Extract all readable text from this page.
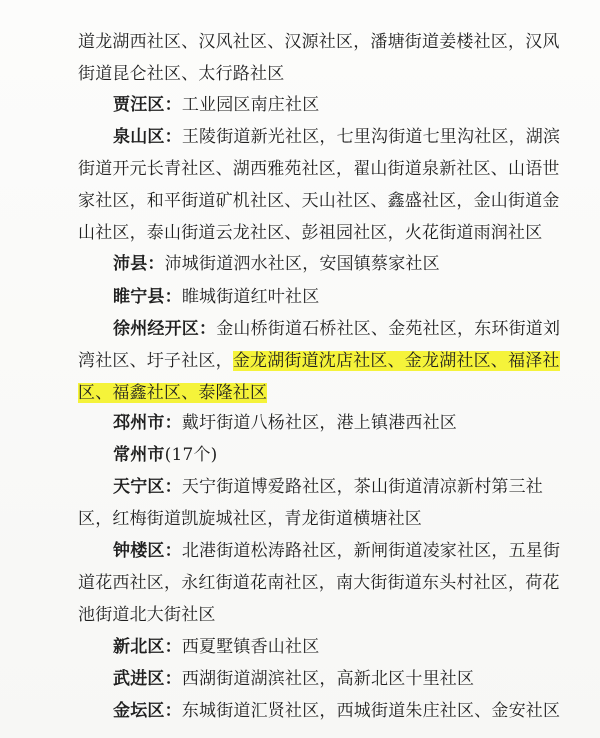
道龙湖西社区、汉风社区、汉源社区，潘塘街道姜楼社区，汉风
街道昆仑社区、太行路社区
贾汪区：工业园区南庄社区
泉山区：王陵街道新光社区，七里沟街道七里沟社区，湖滨
街道开元长青社区、湖西雅苑社区，翟山街道泉新社区、山语世
家社区，和平街道矿机社区、天山社区、鑫盛社区，金山街道金
山社区，泰山街道云龙社区、彭祖园社区，火花街道雨润社区
沛县：沛城街道泗水社区，安国镇蔡家社区
睢宁县：睢城街道红叶社区
徐州经开区：金山桥街道石桥社区、金苑社区，东环街道刘
湾社区、圩子社区，金龙湖街道沈店社区、金龙湖社区、福泽社
区、福鑫社区、泰隆社区
邳州市：戴圩街道八杨社区，港上镇港西社区
常州市(17个)
天宁区：天宁街道博爱路社区，茶山街道清凉新村第三社
区，红梅街道凯旋城社区，青龙街道横塘社区
钟楼区：北港街道松涛路社区，新闸街道凌家社区，五星街
道花西社区，永红街道花南社区，南大街街道东头村社区，荷花
池街道北大街社区
新北区：西夏墅镇香山社区
武进区：西湖街道湖滨社区，高新北区十里社区
金坛区：东城街道汇贤社区，西城街道朱庄社区、金安社区
